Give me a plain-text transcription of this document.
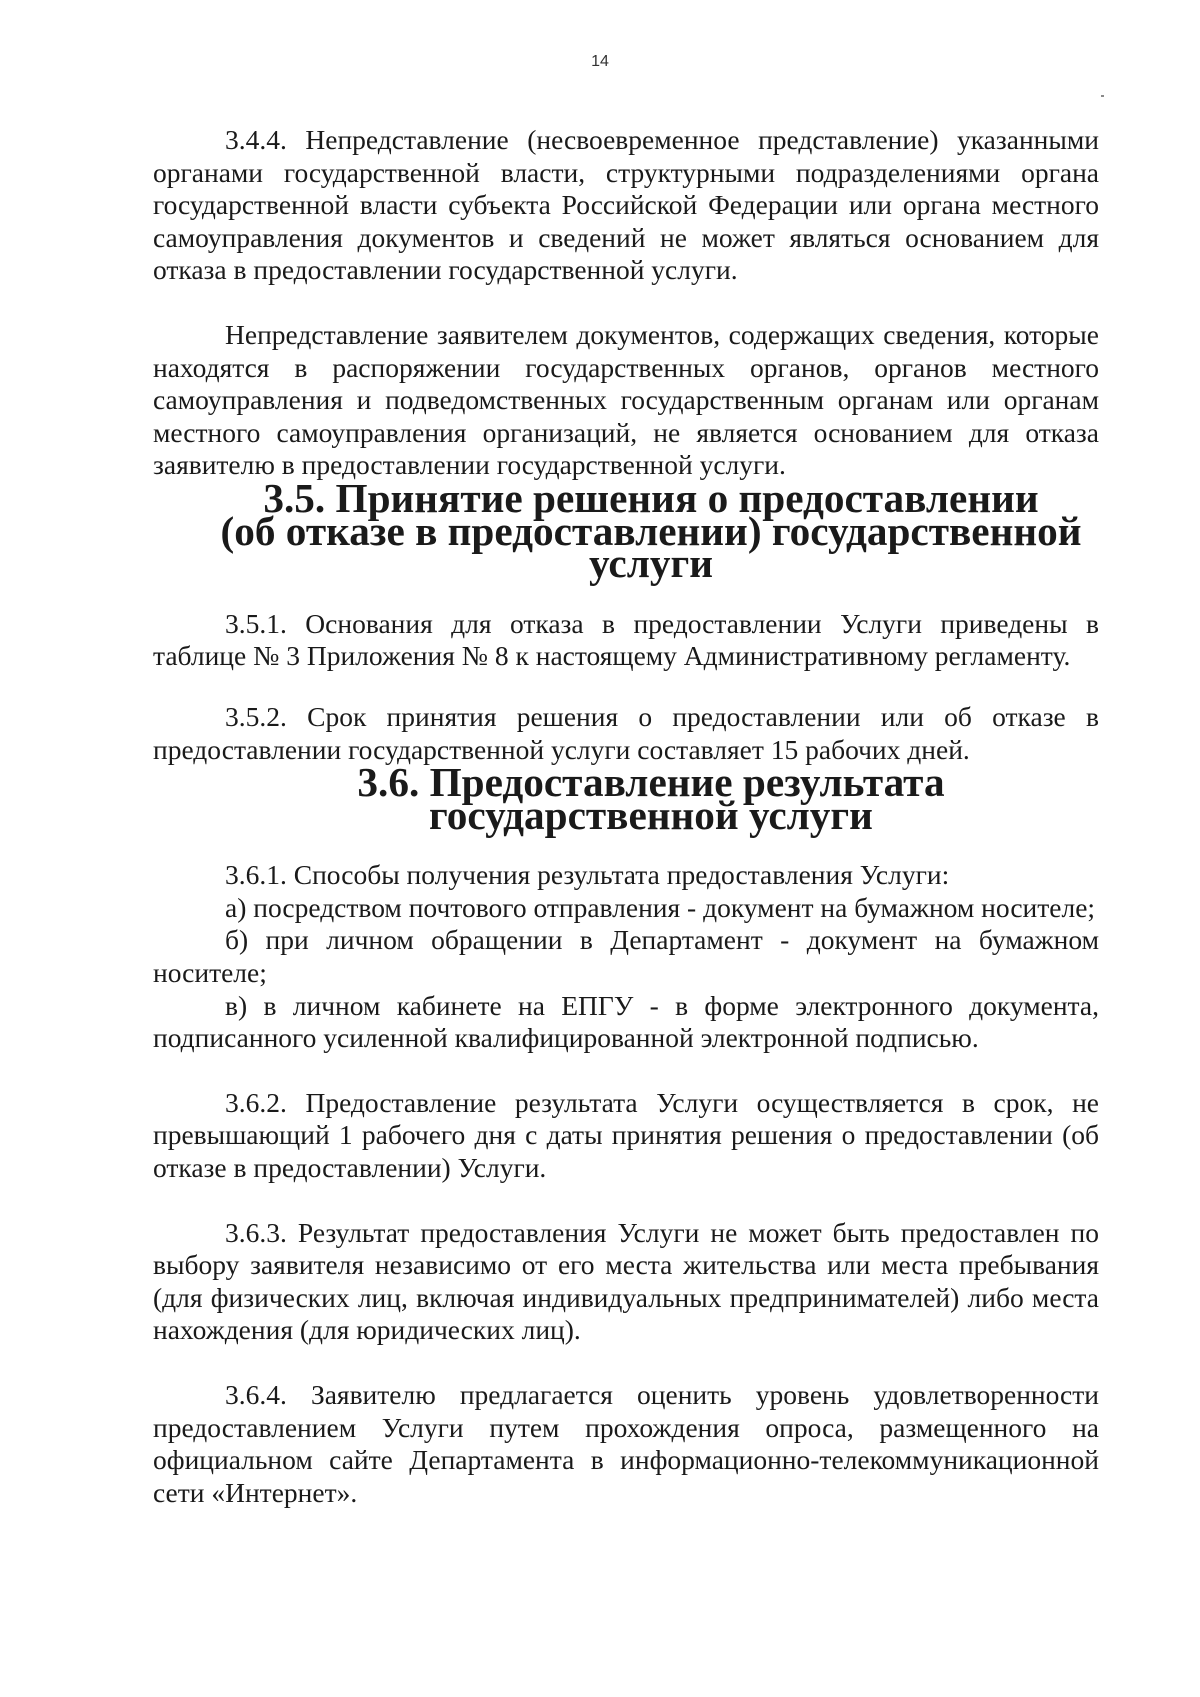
14

3.4.4. Непредставление (несвоевременное представление) указанными органами государственной власти, структурными подразделениями органа государственной власти субъекта Российской Федерации или органа местного самоуправления документов и сведений не может являться основанием для отказа в предоставлении государственной услуги.

Непредставление заявителем документов, содержащих сведения, которые находятся в распоряжении государственных органов, органов местного самоуправления и подведомственных государственным органам или органам местного самоуправления организаций, не является основанием для отказа заявителю в предоставлении государственной услуги.

3.5. Принятие решения о предоставлении
(об отказе в предоставлении) государственной услуги

3.5.1. Основания для отказа в предоставлении Услуги приведены в таблице № 3 Приложения № 8 к настоящему Административному регламенту.

3.5.2. Срок принятия решения о предоставлении или об отказе в предоставлении государственной услуги составляет 15 рабочих дней.

3.6. Предоставление результата государственной услуги

3.6.1. Способы получения результата предоставления Услуги:

а) посредством почтового отправления - документ на бумажном носителе;

б) при личном обращении в Департамент - документ на бумажном носителе;

в) в личном кабинете на ЕПГУ - в форме электронного документа, подписанного усиленной квалифицированной электронной подписью.

3.6.2. Предоставление результата Услуги осуществляется в срок, не превышающий 1 рабочего дня с даты принятия решения о предоставлении (об отказе в предоставлении) Услуги.

3.6.3. Результат предоставления Услуги не может быть предоставлен по выбору заявителя независимо от его места жительства или места пребывания (для физических лиц, включая индивидуальных предпринимателей) либо места нахождения (для юридических лиц).

3.6.4. Заявителю предлагается оценить уровень удовлетворенности предоставлением Услуги путем прохождения опроса, размещенного на официальном сайте Департамента в информационно-телекоммуникационной сети «Интернет».
